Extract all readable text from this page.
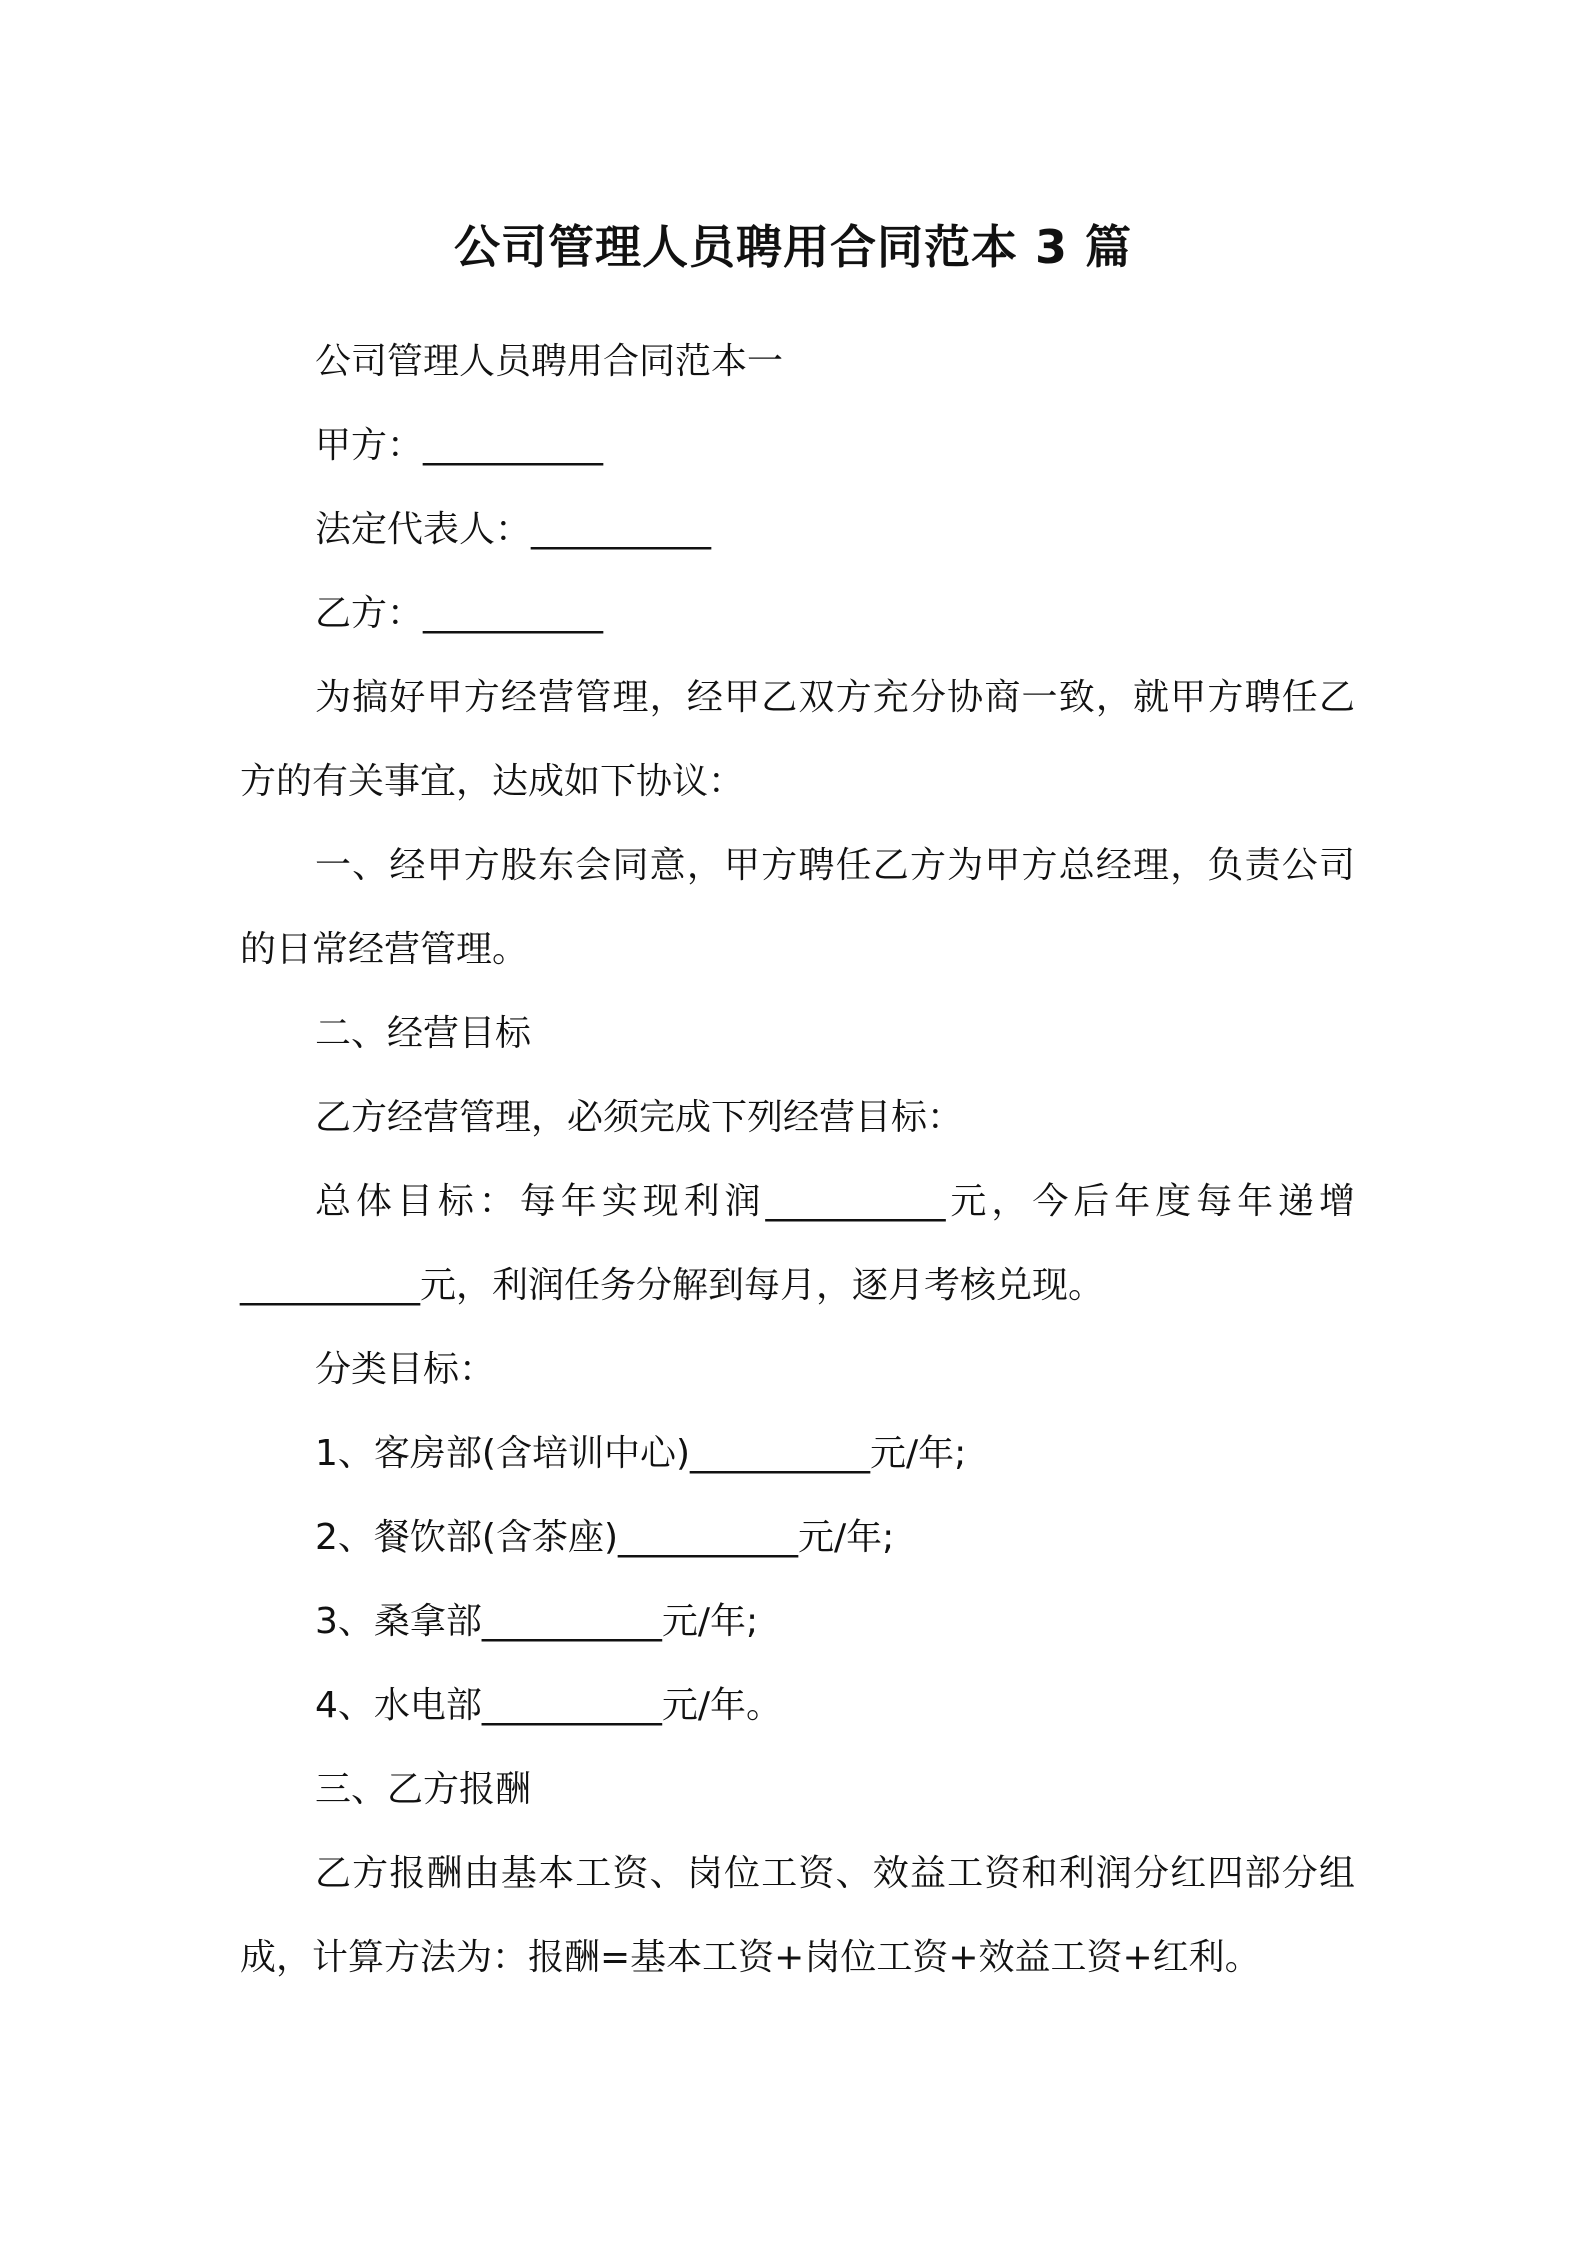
公司管理人员聘用合同范本 3 篇

公司管理人员聘用合同范本一

甲方：__________

法定代表人：__________

乙方：__________

为搞好甲方经营管理，经甲乙双方充分协商一致，就甲方聘任乙方的有关事宜，达成如下协议：

一、经甲方股东会同意，甲方聘任乙方为甲方总经理，负责公司的日常经营管理。

二、经营目标

乙方经营管理，必须完成下列经营目标：

总体目标：每年实现利润__________元，今后年度每年递增__________元，利润任务分解到每月，逐月考核兑现。

分类目标：

1、客房部(含培训中心)__________元/年;

2、餐饮部(含茶座)__________元/年;

3、桑拿部__________元/年;

4、水电部__________元/年。

三、乙方报酬

乙方报酬由基本工资、岗位工资、效益工资和利润分红四部分组成，计算方法为：报酬=基本工资+岗位工资+效益工资+红利。
